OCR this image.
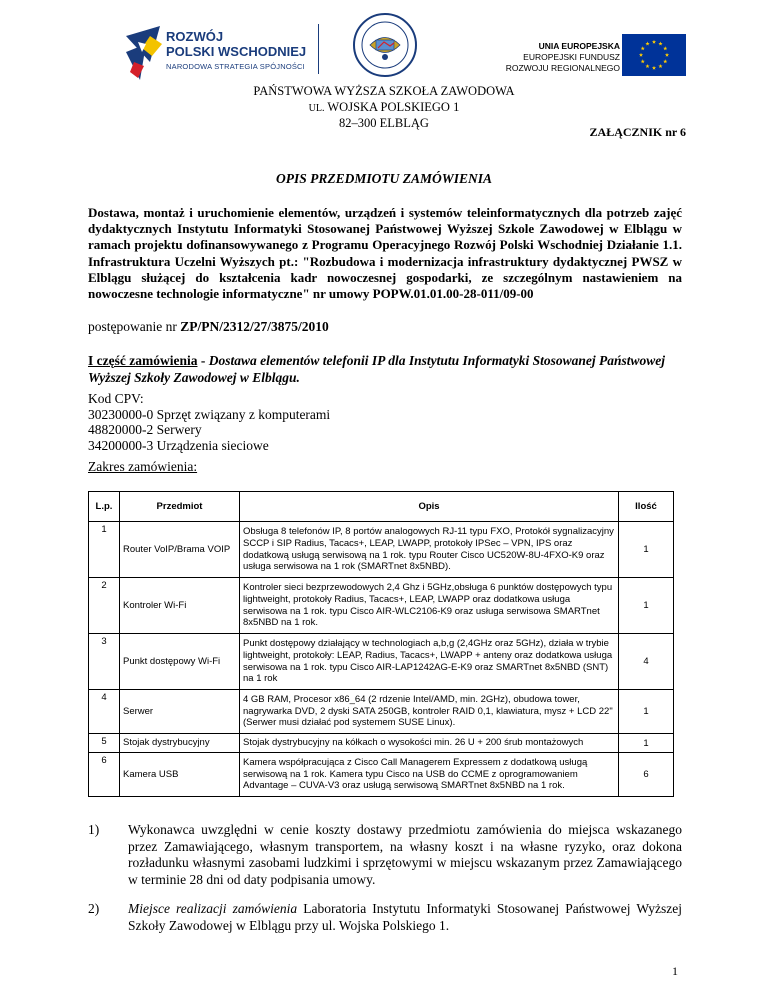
ROZWÓJ
POLSKI WSCHODNIEJ
NARODOWA STRATEGIA SPÓJNOŚCI
UNIA EUROPEJSKA
EUROPEJSKI FUNDUSZ
ROZWOJU REGIONALNEGO
PAŃSTWOWA WYŻSZA SZKOŁA ZAWODOWA
UL. WOJSKA POLSKIEGO 1
82–300 ELBLĄG
ZAŁĄCZNIK nr 6
OPIS PRZEDMIOTU ZAMÓWIENIA
Dostawa, montaż i uruchomienie elementów, urządzeń i systemów teleinformatycznych dla potrzeb zajęć dydaktycznych Instytutu Informatyki Stosowanej Państwowej Wyższej Szkole Zawodowej w Elblągu w ramach projektu dofinansowywanego z Programu Operacyjnego Rozwój Polski Wschodniej Działanie 1.1. Infrastruktura Uczelni Wyższych pt.: "Rozbudowa i modernizacja infrastruktury dydaktycznej PWSZ w Elblągu służącej do kształcenia kadr nowoczesnej gospodarki, ze szczególnym nastawieniem na nowoczesne technologie informatyczne" nr umowy POPW.01.01.00-28-011/09-00
postępowanie nr ZP/PN/2312/27/3875/2010
I część zamówienia - Dostawa elementów telefonii IP dla Instytutu Informatyki Stosowanej Państwowej Wyższej Szkoły Zawodowej w Elblągu.
Kod CPV:
30230000-0 Sprzęt związany z komputerami
48820000-2 Serwery
34200000-3 Urządzenia sieciowe
Zakres zamówienia:
L.p.	Przedmiot	Opis	Ilość
1	Router VoIP/Brama VOIP	Obsługa 8 telefonów IP, 8 portów analogowych RJ-11 typu FXO, Protokół sygnalizacyjny SCCP i SIP Radius, Tacacs+, LEAP, LWAPP, protokoły IPSec – VPN, IPS oraz dodatkową usługą serwisową na 1 rok. typu Router Cisco UC520W-8U-4FXO-K9 oraz usługa serwisowa na 1 rok (SMARTnet 8x5NBD).	1
2	Kontroler Wi-Fi	Kontroler sieci bezprzewodowych 2,4 Ghz i 5GHz,obsługa 6 punktów dostępowych typu lightweight, protokoły Radius, Tacacs+, LEAP, LWAPP oraz dodatkowa usługa serwisowa na 1 rok. typu Cisco AIR-WLC2106-K9 oraz usługa serwisowa SMARTnet 8x5NBD na 1 rok.	1
3	Punkt dostępowy Wi-Fi	Punkt dostępowy działający w technologiach a,b,g (2,4GHz oraz 5GHz), działa w trybie lightweight, protokoły: LEAP, Radius, Tacacs+, LWAPP + anteny oraz dodatkowa usługa serwisowa na 1 rok. typu Cisco AIR-LAP1242AG-E-K9 oraz SMARTnet 8x5NBD (SNT) na 1 rok	4
4	Serwer	4 GB RAM, Procesor x86_64 (2 rdzenie Intel/AMD, min. 2GHz), obudowa tower, nagrywarka DVD, 2 dyski SATA 250GB, kontroler RAID 0,1, klawiatura, mysz + LCD 22" (Serwer musi działać pod systemem SUSE Linux).	1
5	Stojak dystrybucyjny	Stojak dystrybucyjny na kółkach o wysokości min. 26 U + 200 śrub montażowych	1
6	Kamera USB	Kamera współpracująca z Cisco Call Managerem Expressem z dodatkową usługą serwisową na 1 rok. Kamera typu Cisco na USB do CCME z oprogramowaniem Advantage – CUVA-V3 oraz usługą serwisową SMARTnet 8x5NBD na 1 rok.	6
1) Wykonawca uwzględni w cenie koszty dostawy przedmiotu zamówienia do miejsca wskazanego przez Zamawiającego, własnym transportem, na własny koszt i na własne ryzyko, oraz dokona rozładunku własnymi zasobami ludzkimi i sprzętowymi w miejscu wskazanym przez Zamawiającego w terminie 28 dni od daty podpisania umowy.
2) Miejsce realizacji zamówienia Laboratoria Instytutu Informatyki Stosowanej Państwowej Wyższej Szkoły Zawodowej w Elblągu przy ul. Wojska Polskiego 1.
1
